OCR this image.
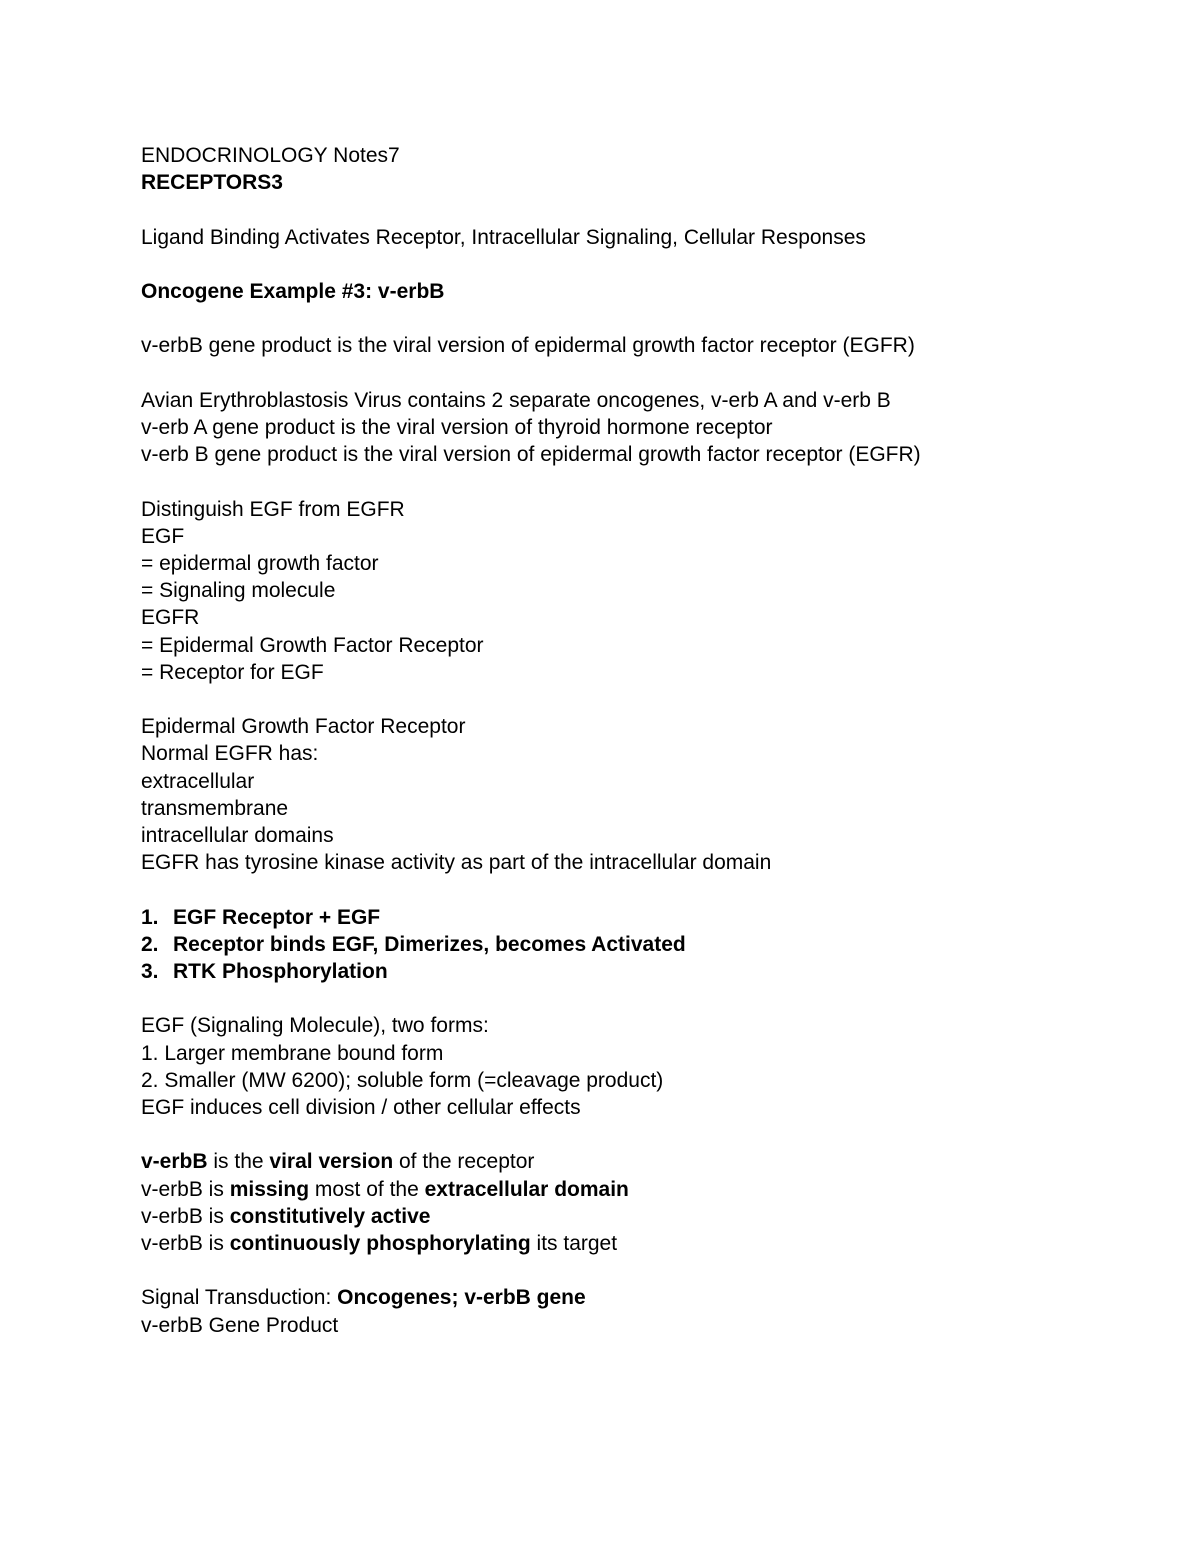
ENDOCRINOLOGY Notes7
RECEPTORS3
Ligand Binding Activates Receptor, Intracellular Signaling, Cellular Responses
Oncogene Example #3: v-erbB
v-erbB gene product is the viral version of epidermal growth factor receptor (EGFR)
Avian Erythroblastosis Virus contains 2 separate oncogenes, v-erb A and v-erb B
v-erb A gene product is the viral version of thyroid hormone receptor
v-erb B gene product is the viral version of epidermal growth factor receptor (EGFR)
Distinguish EGF from EGFR
EGF
= epidermal growth factor
= Signaling molecule
EGFR
= Epidermal Growth Factor Receptor
= Receptor for EGF
Epidermal Growth Factor Receptor
Normal EGFR has:
extracellular
transmembrane
intracellular domains
EGFR has tyrosine kinase activity as part of the intracellular domain
1. EGF Receptor + EGF
2. Receptor binds EGF, Dimerizes, becomes Activated
3. RTK Phosphorylation
EGF (Signaling Molecule), two forms:
1. Larger membrane bound form
2. Smaller (MW 6200); soluble form (=cleavage product)
EGF induces cell division / other cellular effects
v-erbB is the viral version of the receptor
v-erbB is missing most of the extracellular domain
v-erbB is constitutively active
v-erbB is continuously phosphorylating its target
Signal Transduction: Oncogenes; v-erbB gene
v-erbB Gene Product
